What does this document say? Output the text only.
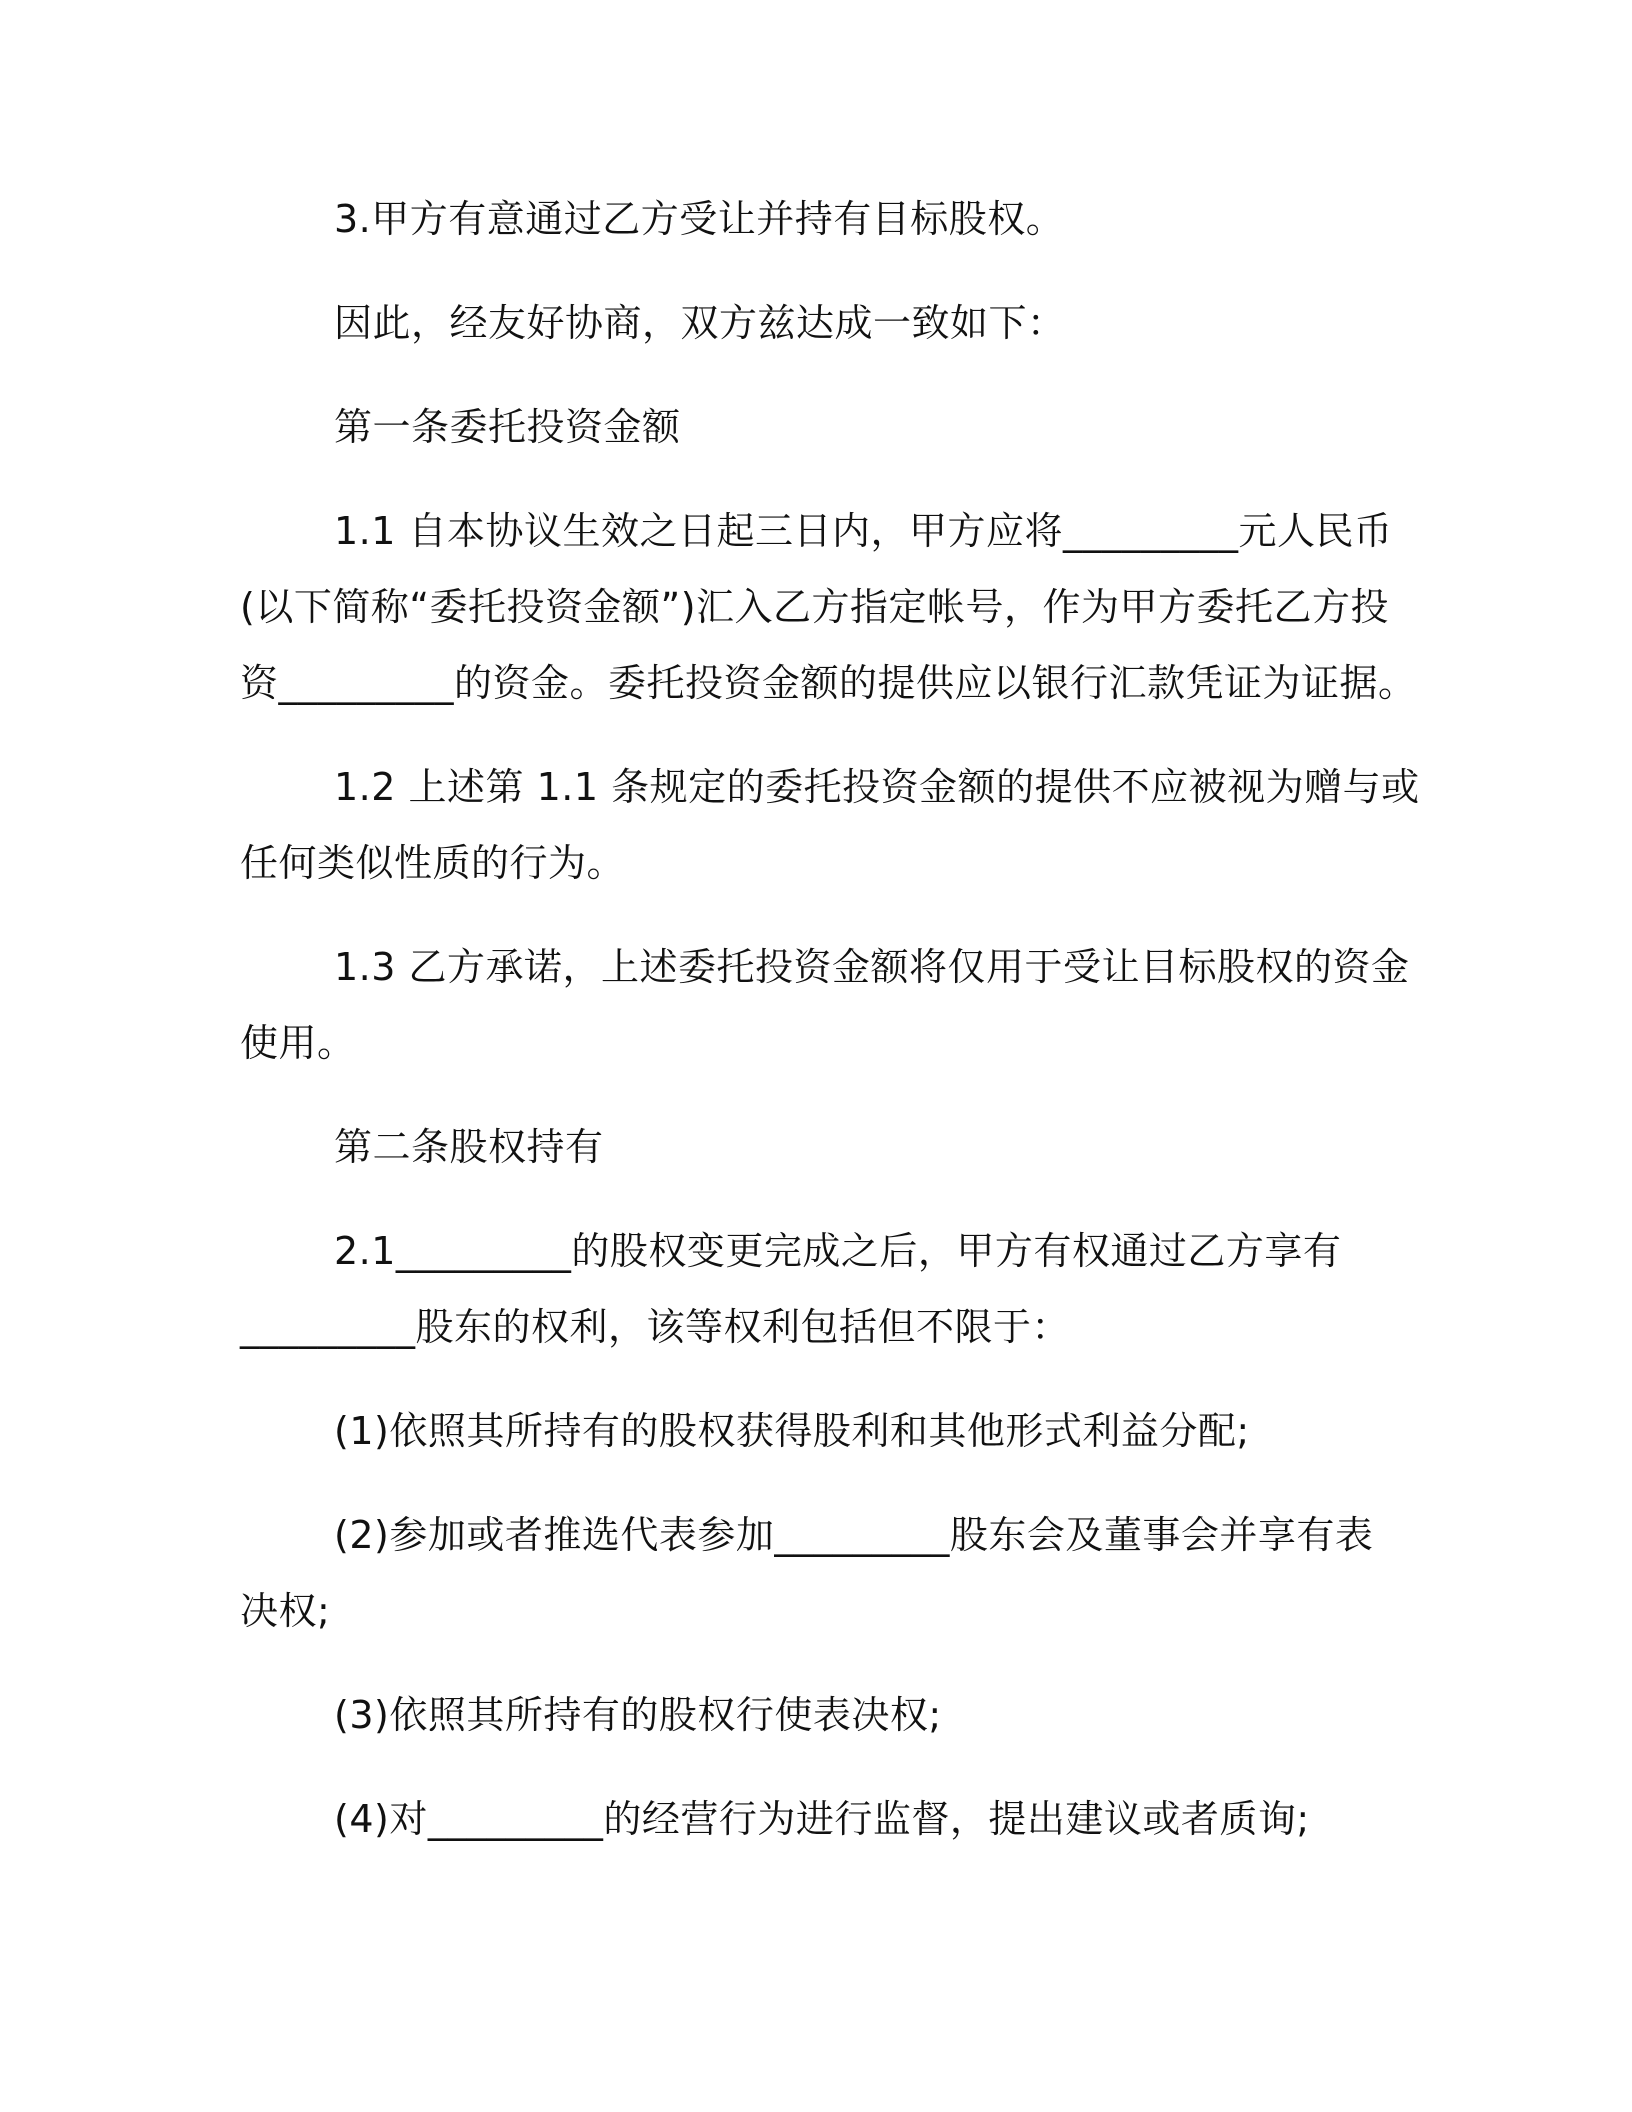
3.甲方有意通过乙方受让并持有目标股权。
因此，经友好协商，双方兹达成一致如下：
第一条委托投资金额
1.1 自本协议生效之日起三日内，甲方应将_________元人民币
(以下简称“委托投资金额”)汇入乙方指定帐号，作为甲方委托乙方投
资_________的资金。委托投资金额的提供应以银行汇款凭证为证据。
1.2 上述第 1.1 条规定的委托投资金额的提供不应被视为赠与或
任何类似性质的行为。
1.3 乙方承诺，上述委托投资金额将仅用于受让目标股权的资金
使用。
第二条股权持有
2.1_________的股权变更完成之后，甲方有权通过乙方享有
_________股东的权利，该等权利包括但不限于：
(1)依照其所持有的股权获得股利和其他形式利益分配;
(2)参加或者推选代表参加_________股东会及董事会并享有表
决权;
(3)依照其所持有的股权行使表决权;
(4)对_________的经营行为进行监督，提出建议或者质询;
